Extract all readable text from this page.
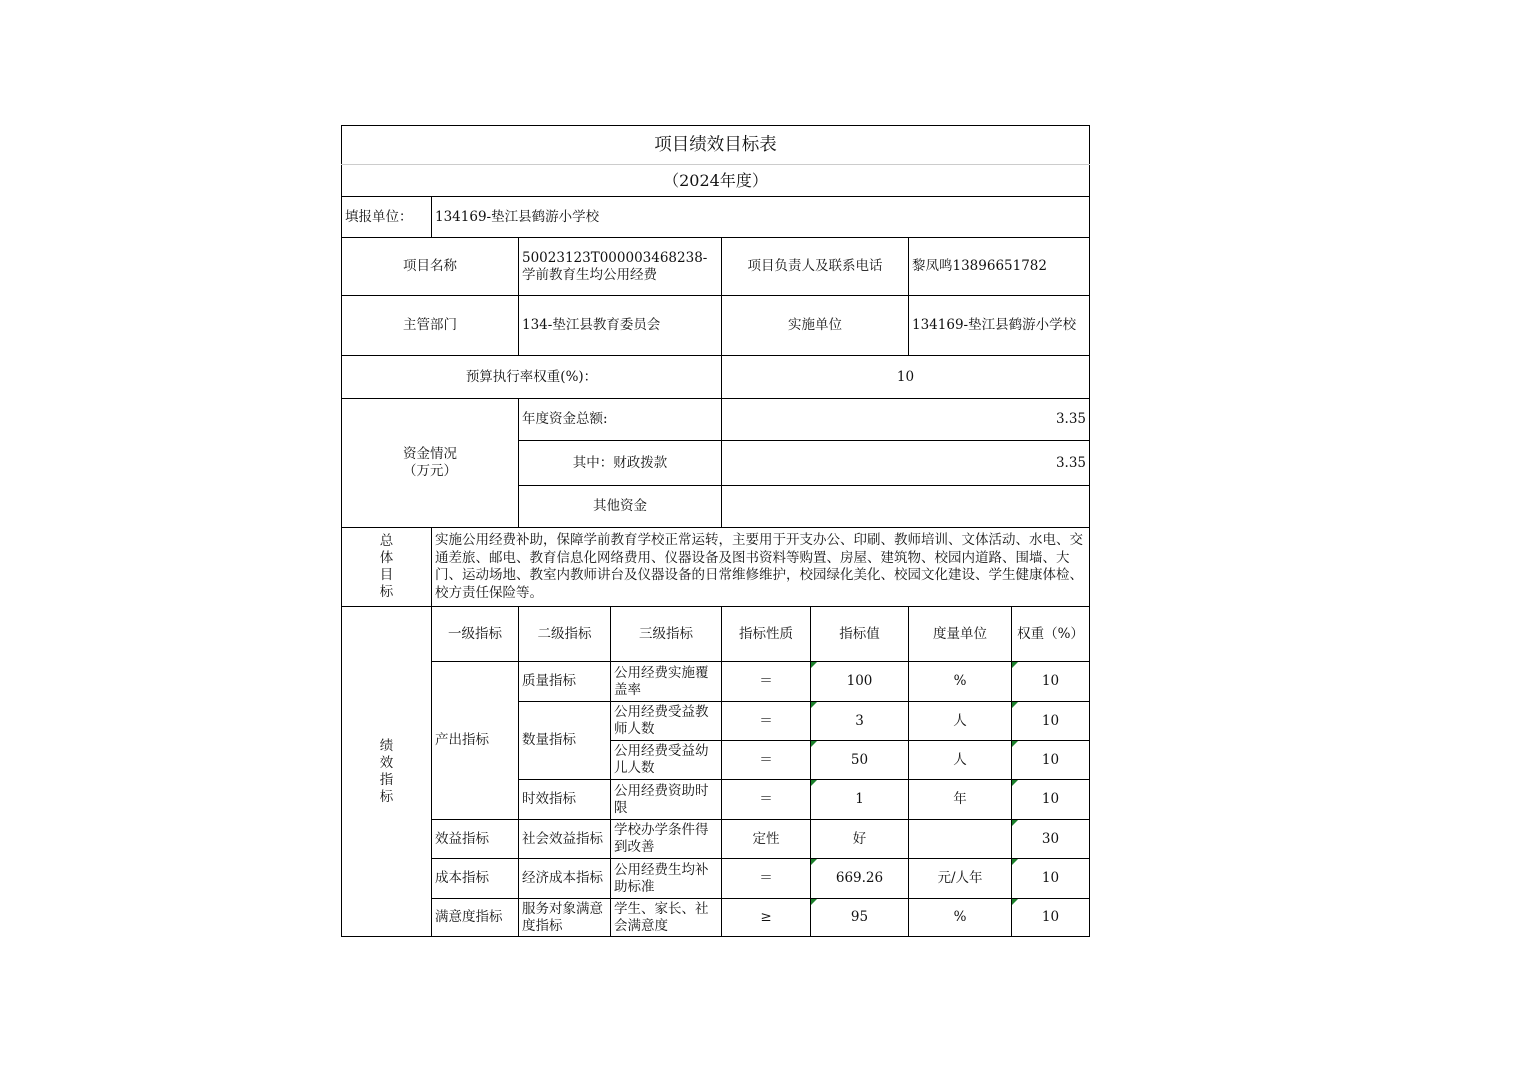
项目绩效目标表							
（2024年度）							
填报单位：	134169-垫江县鹤游小学校						
项目名称		50023123T000003468238-学前教育生均公用经费		项目负责人及联系电话		黎凤鸣13896651782	
主管部门		134-垫江县教育委员会		实施单位		134169-垫江县鹤游小学校	
预算执行率权重(%)：				10			

资金情况
（万元）		年度资金总额:		3.35			
		其中：财政拨款		3.35			
		其他资金					

总
体
目
标	实施公用经费补助，保障学前教育学校正常运转，主要用于开支办公、印刷、教师培训、文体活动、水电、交通差旅、邮电、教育信息化网络费用、仪器设备及图书资料等购置、房屋、建筑物、校园内道路、围墙、大门、运动场地、教室内教师讲台及仪器设备的日常维修维护，校园绿化美化、校园文化建设、学生健康体检、校方责任保险等。						

绩
效
指
标	一级指标	二级指标	三级指标	指标性质	指标值	度量单位	权重（%）
	产出指标	质量指标	公用经费实施覆盖率	＝	100	%	10
		数量指标	公用经费受益教师人数	＝	3	人	10
			公用经费受益幼儿人数	＝	50	人	10
		时效指标	公用经费资助时限	＝	1	年	10
	效益指标	社会效益指标	学校办学条件得到改善	定性	好		30
	成本指标	经济成本指标	公用经费生均补助标准	＝	669.26	元/人年	10
	满意度指标	服务对象满意度指标	学生、家长、社会满意度	≥	95	%	10
